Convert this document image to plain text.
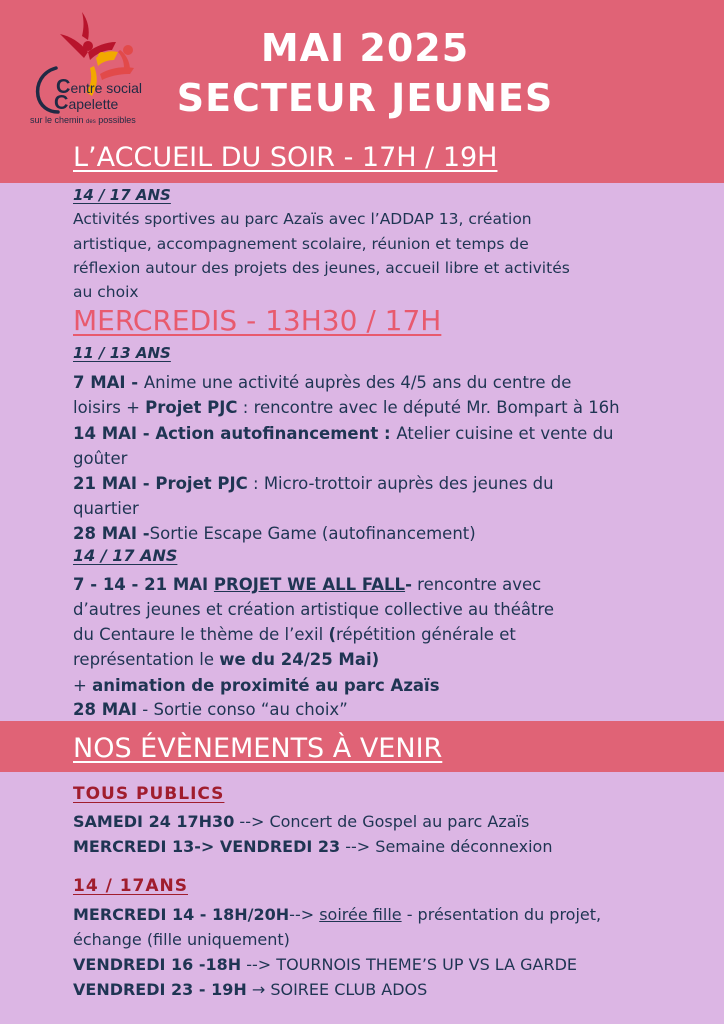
Centre social
Capelette
sur le chemin des possibles
MAI 2025
SECTEUR JEUNES
L’ACCUEIL DU SOIR - 17H / 19H
14 / 17 ANS
Activités sportives au parc Azaïs avec l’ADDAP 13, création
artistique, accompagnement scolaire, réunion et temps de
réflexion autour des projets des jeunes, accueil libre et activités
au choix
MERCREDIS - 13H30 / 17H
11 / 13 ANS
7 MAI - Anime une activité auprès des 4/5 ans du centre de
loisirs + Projet PJC : rencontre avec le député Mr. Bompart à 16h
14 MAI - Action autofinancement : Atelier cuisine et vente du
goûter
21 MAI - Projet PJC : Micro-trottoir auprès des jeunes du
quartier
28 MAI -Sortie Escape Game (autofinancement)
14 / 17 ANS
7 - 14 - 21 MAI PROJET WE ALL FALL- rencontre avec
d’autres jeunes et création artistique collective au théâtre
du Centaure le thème de l’exil (répétition générale et
représentation le we du 24/25 Mai)
+ animation de proximité au parc Azaïs
28 MAI - Sortie conso “au choix”
NOS ÉVÈNEMENTS À VENIR
TOUS PUBLICS
SAMEDI 24 17H30 --> Concert de Gospel au parc Azaïs
MERCREDI 13-> VENDREDI 23 --> Semaine déconnexion
14 / 17ANS
MERCREDI 14 - 18H/20H--> soirée fille - présentation du projet,
échange (fille uniquement)
VENDREDI 16 -18H --> TOURNOIS THEME’S UP VS LA GARDE
VENDREDI 23 - 19H → SOIREE CLUB ADOS
